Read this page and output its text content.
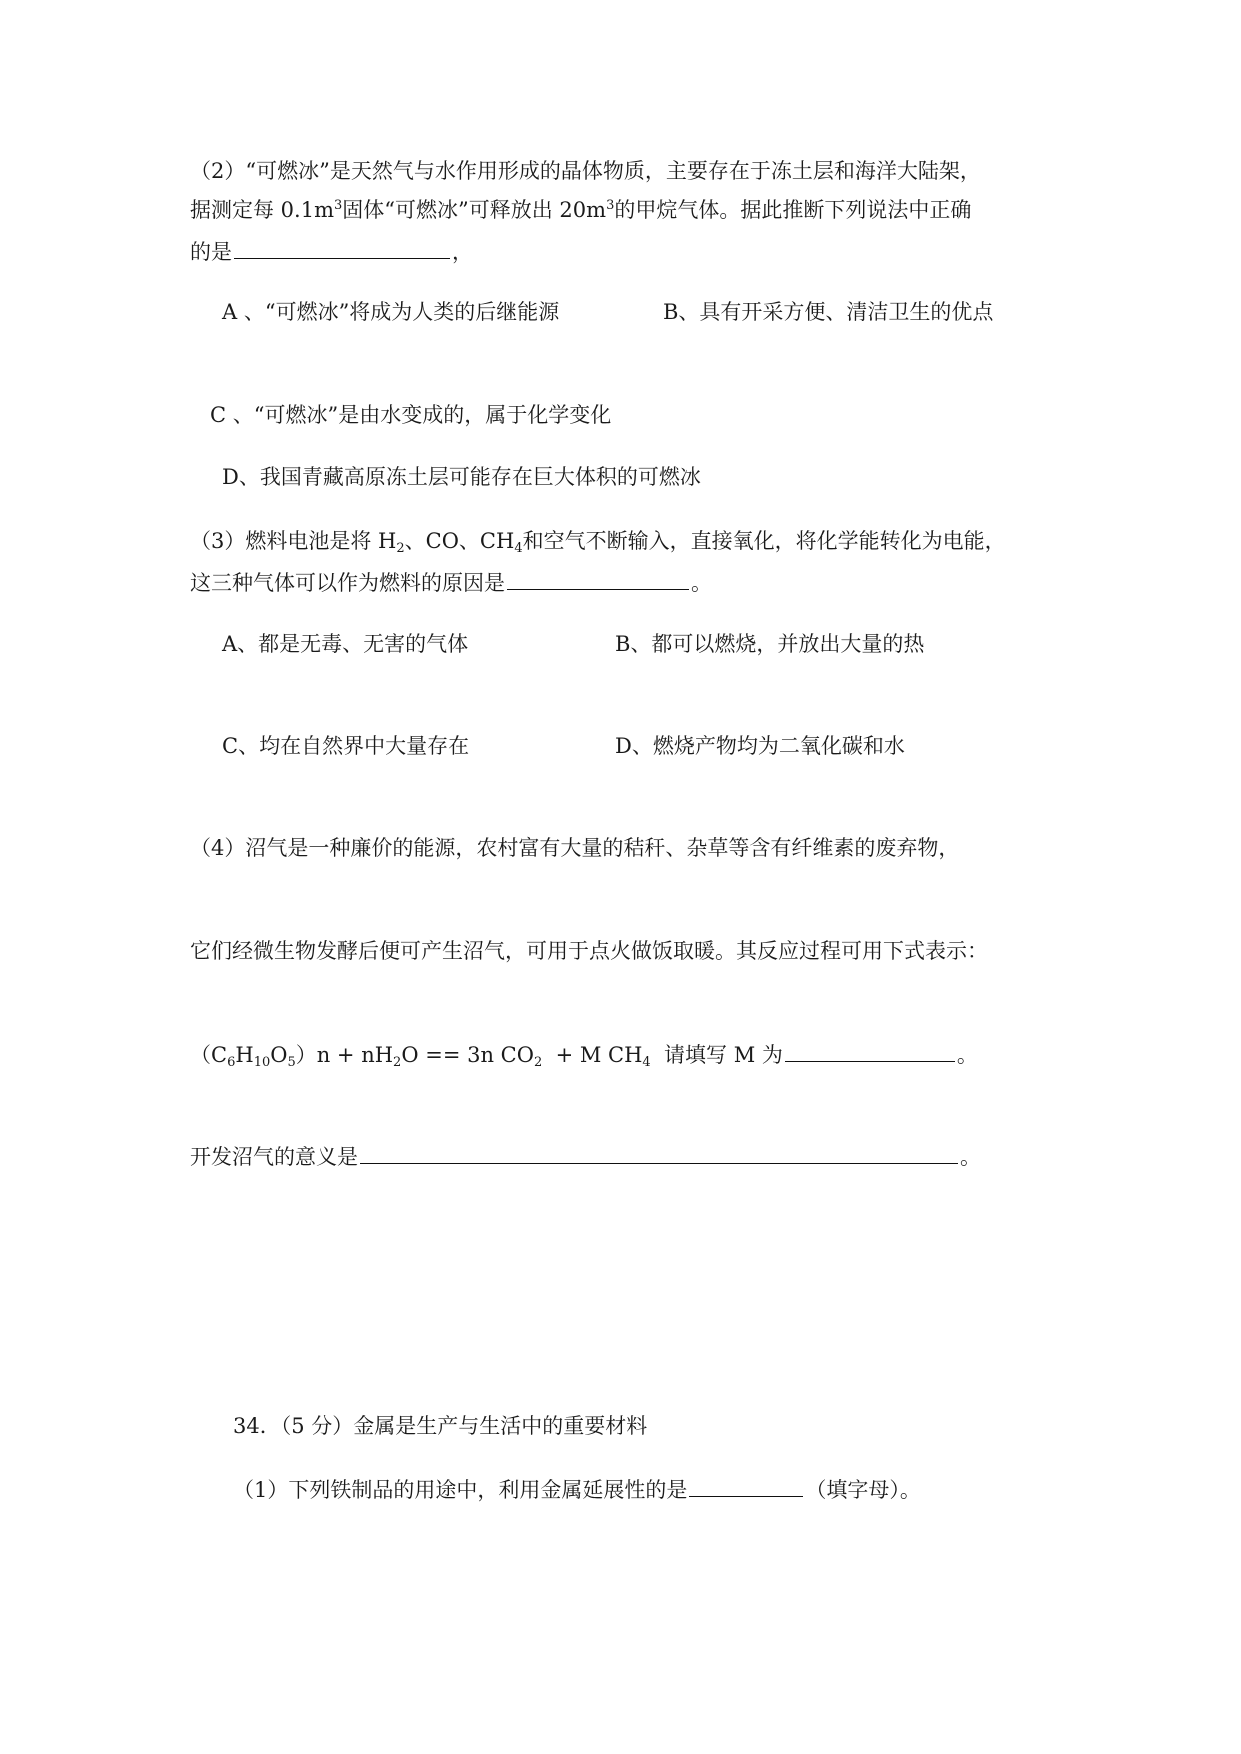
（2）“可燃冰”是天然气与水作用形成的晶体物质，主要存在于冻土层和海洋大陆架，
据测定每 $0.1m^3$固体“可燃冰”可释放出 $20m^3$的甲烷气体。据此推断下列说法中正确
的是	，
A 、“可燃冰”将成为人类的后继能源	B、具有开采方便、清洁卫生的优点
C 、“可燃冰”是由水变成的，属于化学变化
D、我国青藏高原冻土层可能存在巨大体积的可燃冰
（3）燃料电池是将 $H_2$、CO、$CH_4$和空气不断输入，直接氧化，将化学能转化为电能，
这三种气体可以作为燃料的原因是	。
A、都是无毒、无害的气体	B、都可以燃烧，并放出大量的热
C、均在自然界中大量存在	D、燃烧产物均为二氧化碳和水
（4）沼气是一种廉价的能源，农村富有大量的秸秆、杂草等含有纤维素的废弃物，
它们经微生物发酵后便可产生沼气，可用于点火做饭取暖。其反应过程可用下式表示：
$(C_6H_{10}O_5)n + nH_2O == 3n$ $CO_2 + M$ $CH_4$  请填写 M 为	。
开发沼气的意义是	。
34．（5 分）金属是生产与生活中的重要材料
（1）下列铁制品的用途中，利用金属延展性的是	（填字母）。
